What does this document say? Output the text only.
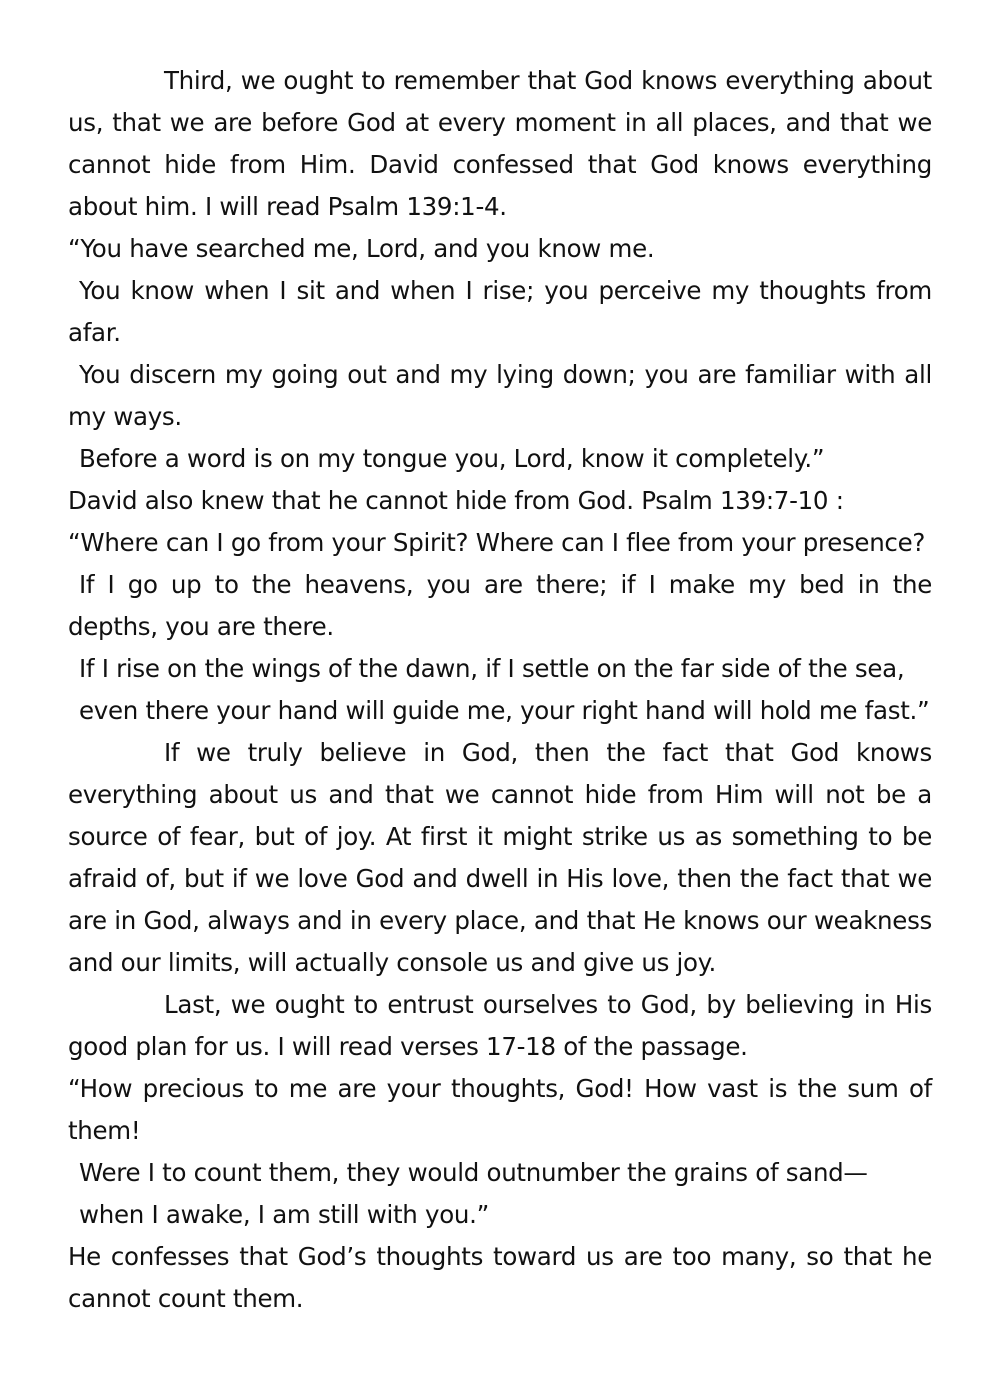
Third, we ought to remember that God knows everything about us, that we are before God at every moment in all places, and that we cannot hide from Him. David confessed that God knows everything about him. I will read Psalm 139:1-4.

“You have searched me, Lord, and you know me.

You know when I sit and when I rise; you perceive my thoughts from afar.

You discern my going out and my lying down; you are familiar with all my ways.

Before a word is on my tongue you, Lord, know it completely.”

David also knew that he cannot hide from God. Psalm 139:7-10 :

“Where can I go from your Spirit? Where can I flee from your presence?

If I go up to the heavens, you are there; if I make my bed in the depths, you are there.

If I rise on the wings of the dawn, if I settle on the far side of the sea,

even there your hand will guide me, your right hand will hold me fast.”

If we truly believe in God, then the fact that God knows everything about us and that we cannot hide from Him will not be a source of fear, but of joy. At first it might strike us as something to be afraid of, but if we love God and dwell in His love, then the fact that we are in God, always and in every place, and that He knows our weakness and our limits, will actually console us and give us joy.

Last, we ought to entrust ourselves to God, by believing in His good plan for us. I will read verses 17-18 of the passage.

“How precious to me are your thoughts, God! How vast is the sum of them!

Were I to count them, they would outnumber the grains of sand—

when I awake, I am still with you.”

He confesses that God’s thoughts toward us are too many, so that he cannot count them.
